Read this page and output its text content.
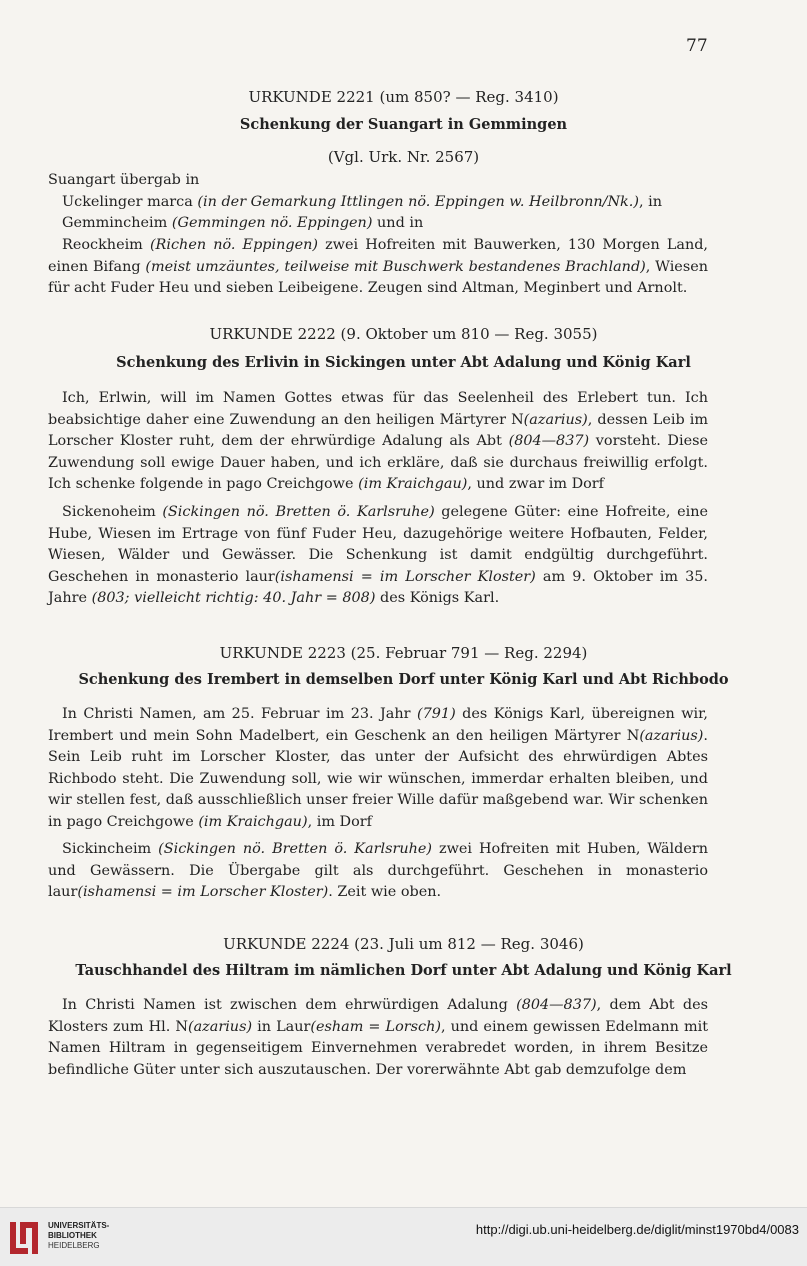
77
URKUNDE 2221 (um 850? — Reg. 3410)
Schenkung der Suangart in Gemmingen
(Vgl. Urk. Nr. 2567)

Suangart übergab in

Uckelinger marca (in der Gemarkung Ittlingen nö. Eppingen w. Heilbronn/Nk.), in

Gemmincheim (Gemmingen nö. Eppingen) und in

Reockheim (Richen nö. Eppingen) zwei Hofreiten mit Bauwerken, 130 Morgen Land, einen Bifang (meist umzäuntes, teilweise mit Buschwerk bestandenes Brachland), Wiesen für acht Fuder Heu und sieben Leibeigene. Zeugen sind Altman, Meginbert und Arnolt.

URKUNDE 2222 (9. Oktober um 810 — Reg. 3055)
Schenkung des Erlivin in Sickingen unter Abt Adalung und König Karl

Ich, Erlwin, will im Namen Gottes etwas für das Seelenheil des Erlebert tun. Ich beabsichtige daher eine Zuwendung an den heiligen Märtyrer N(azarius), dessen Leib im Lorscher Kloster ruht, dem der ehrwürdige Adalung als Abt (804—837) vorsteht. Diese Zuwendung soll ewige Dauer haben, und ich erkläre, daß sie durchaus freiwillig erfolgt. Ich schenke folgende in pago Creichgowe (im Kraichgau), und zwar im Dorf

Sickenoheim (Sickingen nö. Bretten ö. Karlsruhe) gelegene Güter: eine Hofreite, eine Hube, Wiesen im Ertrage von fünf Fuder Heu, dazugehörige weitere Hofbauten, Felder, Wiesen, Wälder und Gewässer. Die Schenkung ist damit endgültig durchgeführt. Geschehen in monasterio laur(ishamensi = im Lorscher Kloster) am 9. Oktober im 35. Jahre (803; vielleicht richtig: 40. Jahr = 808) des Königs Karl.

URKUNDE 2223 (25. Februar 791 — Reg. 2294)
Schenkung des Irembert in demselben Dorf unter König Karl und Abt Richbodo

In Christi Namen, am 25. Februar im 23. Jahr (791) des Königs Karl, übereignen wir, Irembert und mein Sohn Madelbert, ein Geschenk an den heiligen Märtyrer N(azarius). Sein Leib ruht im Lorscher Kloster, das unter der Aufsicht des ehrwürdigen Abtes Richbodo steht. Die Zuwendung soll, wie wir wünschen, immerdar erhalten bleiben, und wir stellen fest, daß ausschließlich unser freier Wille dafür maßgebend war. Wir schenken in pago Creichgowe (im Kraichgau), im Dorf

Sickincheim (Sickingen nö. Bretten ö. Karlsruhe) zwei Hofreiten mit Huben, Wäldern und Gewässern. Die Übergabe gilt als durchgeführt. Geschehen in monasterio laur(ishamensi = im Lorscher Kloster). Zeit wie oben.

URKUNDE 2224 (23. Juli um 812 — Reg. 3046)
Tauschhandel des Hiltram im nämlichen Dorf unter Abt Adalung und König Karl

In Christi Namen ist zwischen dem ehrwürdigen Adalung (804—837), dem Abt des Klosters zum Hl. N(azarius) in Laur(esham = Lorsch), und einem gewissen Edelmann mit Namen Hiltram in gegenseitigem Einvernehmen verabredet worden, in ihrem Besitze befindliche Güter unter sich auszutauschen. Der vorerwähnte Abt gab demzufolge dem

UNIVERSITÄTS-
BIBLIOTHEK
HEIDELBERG
http://digi.ub.uni-heidelberg.de/diglit/minst1970bd4/0083
